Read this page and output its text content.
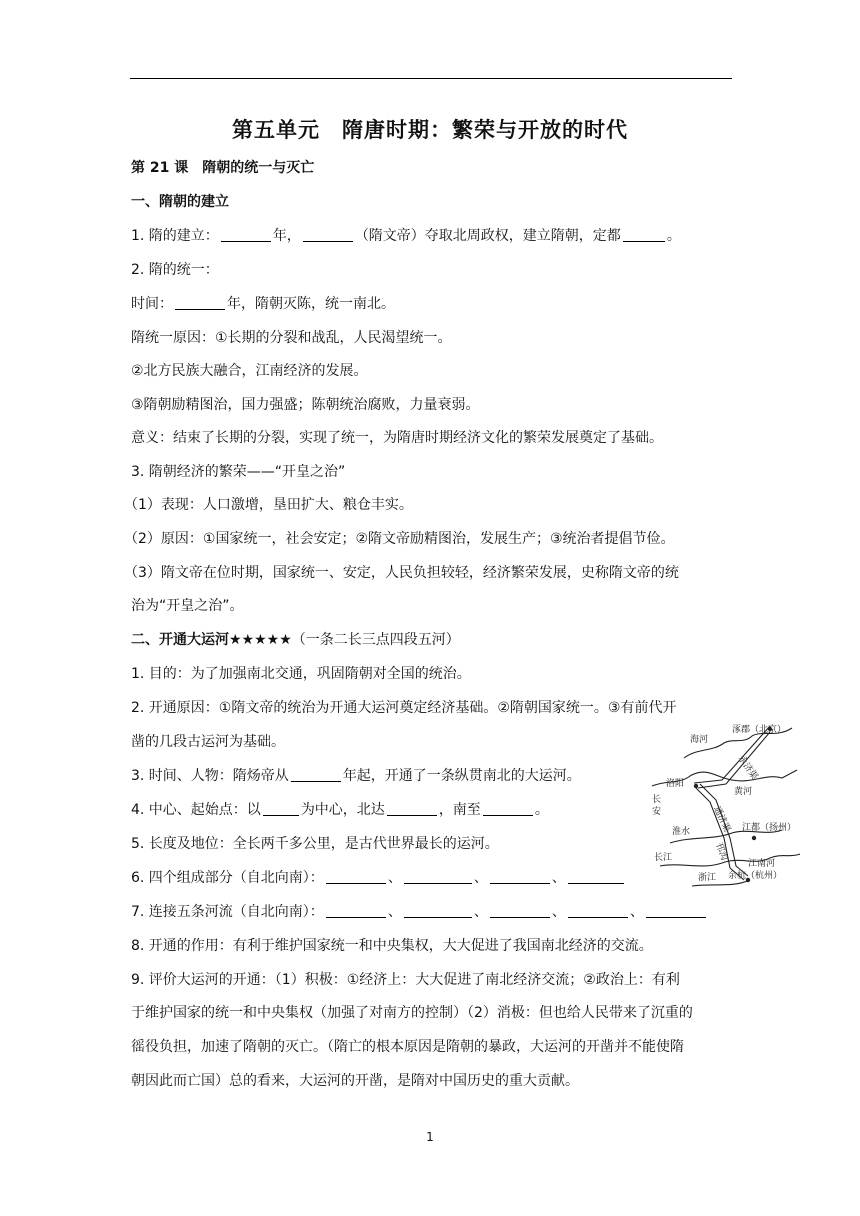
第五单元　隋唐时期：繁荣与开放的时代
第 21 课　隋朝的统一与灭亡
一、隋朝的建立
1. 隋的建立：	年，	（隋文帝）夺取北周政权，建立隋朝，定都	。
2. 隋的统一：
时间：	年，隋朝灭陈，统一南北。
隋统一原因：①长期的分裂和战乱，人民渴望统一。
②北方民族大融合，江南经济的发展。
③隋朝励精图治，国力强盛；陈朝统治腐败，力量衰弱。
意义：结束了长期的分裂，实现了统一，为隋唐时期经济文化的繁荣发展奠定了基础。
3. 隋朝经济的繁荣——“开皇之治”
（1）表现：人口激增，垦田扩大、粮仓丰实。
（2）原因：①国家统一，社会安定；②隋文帝励精图治，发展生产；③统治者提倡节俭。
（3）隋文帝在位时期，国家统一、安定，人民负担较轻，经济繁荣发展，史称隋文帝的统
治为“开皇之治”。
二、开通大运河★★★★★（一条二长三点四段五河）
1. 目的：为了加强南北交通，巩固隋朝对全国的统治。
2. 开通原因：①隋文帝的统治为开通大运河奠定经济基础。②隋朝国家统一。③有前代开
凿的几段古运河为基础。
3. 时间、人物：隋炀帝从	年起，开通了一条纵贯南北的大运河。
4. 中心、起始点：以	为中心，北达	，南至	。
5. 长度及地位：全长两千多公里，是古代世界最长的运河。
6. 四个组成部分（自北向南）：	、	、	、
7. 连接五条河流（自北向南）：	、	、	、	、
8. 开通的作用：有利于维护国家统一和中央集权，大大促进了我国南北经济的交流。
9. 评价大运河的开通：（1）积极：①经济上：大大促进了南北经济交流；②政治上：有利
于维护国家的统一和中央集权（加强了对南方的控制）（2）消极：但也给人民带来了沉重的
徭役负担，加速了隋朝的灭亡。（隋亡的根本原因是隋朝的暴政，大运河的开凿并不能使隋
朝因此而亡国）总的看来，大运河的开凿，是隋对中国历史的重大贡献。
涿郡（北京）
海河
永济渠
洛阳
黄河
长
安	通济渠
淮水	江都（扬州）
邗沟
长江
江南河
余杭（杭州）
浙江
1
